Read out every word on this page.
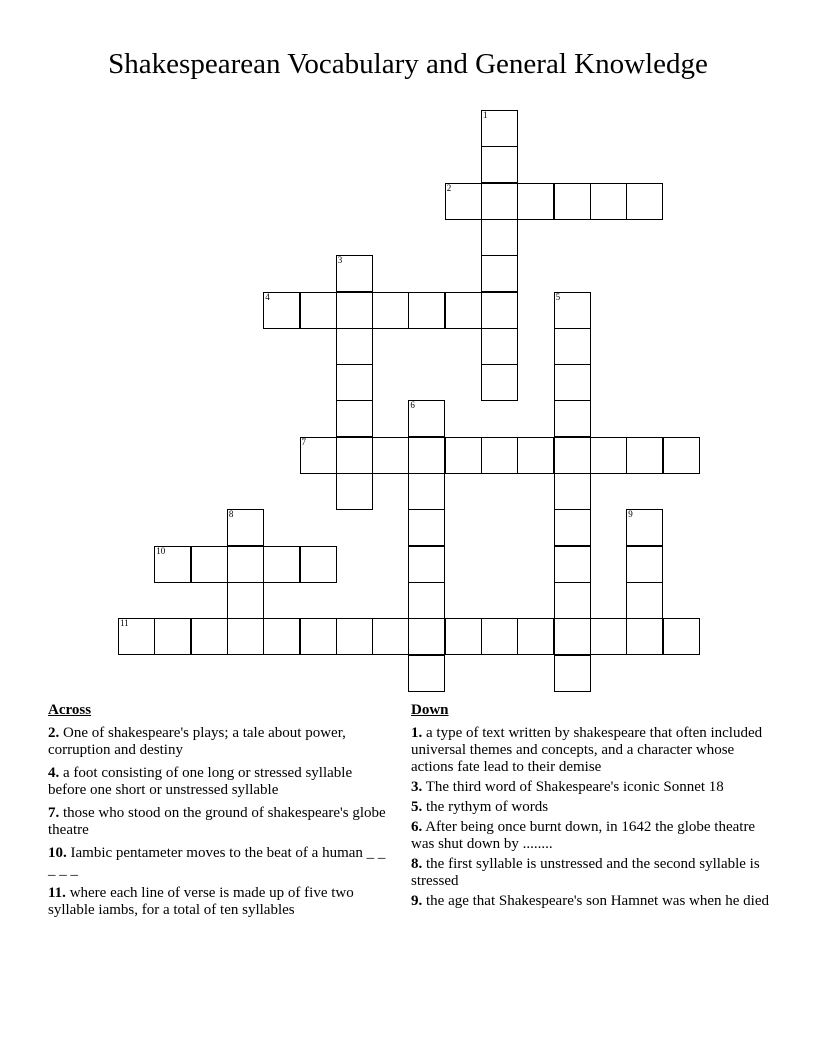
Shakespearean Vocabulary and General Knowledge
1
2
3
4	5
6
7
8	9
10
11
Across
2. One of shakespeare's plays; a tale about power, corruption and destiny
4. a foot consisting of one long or stressed syllable before one short or unstressed syllable
7. those who stood on the ground of shakespeare's globe theatre
10. Iambic pentameter moves to the beat of a human _ _ _ _ _
11. where each line of verse is made up of five two syllable iambs, for a total of ten syllables
Down
1. a type of text written by shakespeare that often included universal themes and concepts, and a character whose actions fate lead to their demise
3. The third word of Shakespeare's iconic Sonnet 18
5. the rythym of words
6. After being once burnt down, in 1642 the globe theatre was shut down by ........
8. the first syllable is unstressed and the second syllable is stressed
9. the age that Shakespeare's son Hamnet was when he died
